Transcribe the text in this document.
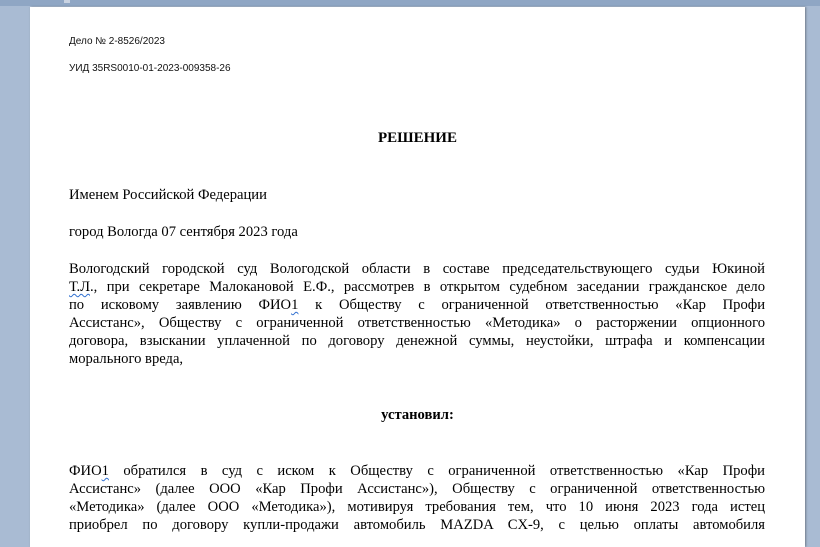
Дело № 2-8526/2023
УИД 35RS0010-01-2023-009358-26
РЕШЕНИЕ
Именем Российской Федерации
город Вологда 07 сентября 2023 года

Вологодский городской суд Вологодской области в составе председательствующего судьи Юкиной

Т.Л., при секретаре Малокановой Е.Ф., рассмотрев в открытом судебном заседании гражданское дело

по исковому заявлению ФИО1 к Обществу с ограниченной ответственностью «Кар Профи

Ассистанс», Обществу с ограниченной ответственностью «Методика» о расторжении опционного

договора, взыскании уплаченной по договору денежной суммы, неустойки, штрафа и компенсации

морального вреда,

установил:

ФИО1 обратился в суд с иском к Обществу с ограниченной ответственностью «Кар Профи

Ассистанс» (далее ООО «Кар Профи Ассистанс»), Обществу с ограниченной ответственностью

«Методика» (далее ООО «Методика»), мотивируя требования тем, что 10 июня 2023 года истец

приобрел по договору купли-продажи автомобиль MAZDA CX-9, с целью оплаты автомобиля
